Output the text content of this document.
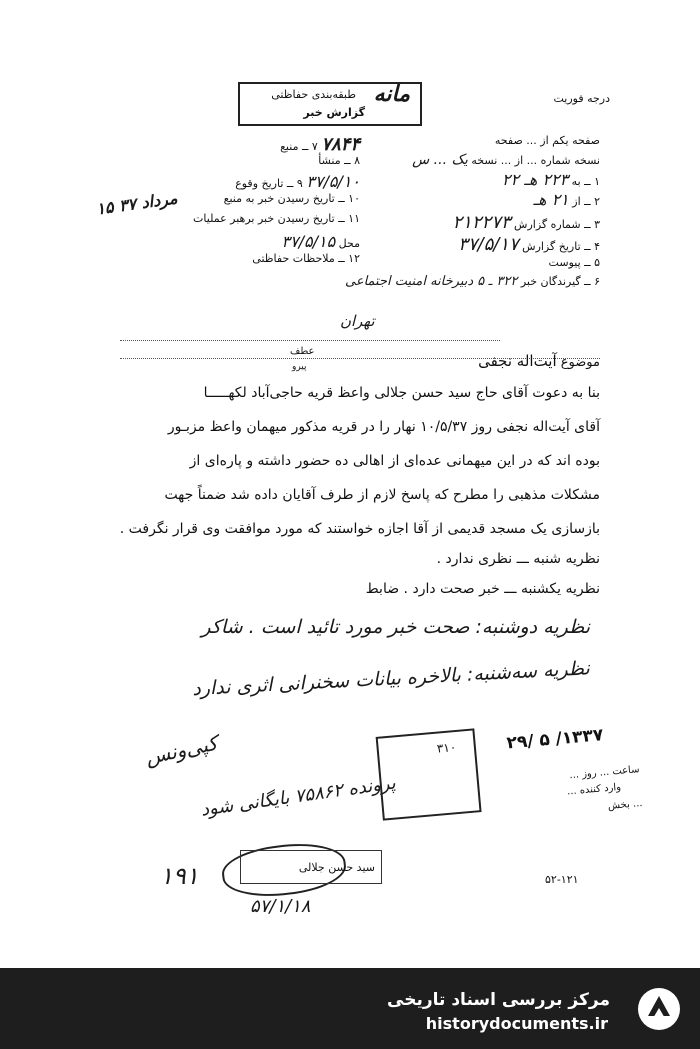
درجه فوریت
طبقه‌بندی حفاظتی مانه
گزارش خبر
صفحه یکم از ... صفحه
نسخه شماره ... از ... نسخه یک ... س
۱ ــ به ۲۲۳ هـ ۲۲
۲ ــ از ۲۱ هـ
۳ ــ شماره گزارش ۲۱۲۲۷۳
۴ ــ تاریخ گزارش ۳۷/۵/۱۷
۵ ــ پیوست
۶ ــ گیرندگان خبر ۳۲۲ ـ ۵ دبیرخانه امنیت اجتماعی
تهران
۷۸۴۴ ۷ ــ منبع
۸ ــ منشأ
۳۷/۵/۱۰ ۹ ــ تاریخ وقوع
۱۰ ــ تاریخ رسیدن خبر به منبع
۱۱ ــ تاریخ رسیدن خبر برهبر عملیات
محل ۳۷/۵/۱۵
۱۲ ــ ملاحظات حفاظتی
۱۵ مرداد ۳۷
عطف
پیرو	موضوع آیت‌اله نجفی
بنا به دعوت آقای حاج سید حسن جلالی واعظ قریه حاجی‌آباد لکهـــــا
آقای آیت‌اله نجفی روز ۱۰/۵/۳۷ نهار را در قریه مذکور میهمان واعظ مزبـور
بوده اند که در این میهمانی عده‌ای از اهالی ده حضور داشته و پاره‌ای از
مشکلات مذهبی را مطرح که پاسخ لازم از طرف آقایان داده شد ضمناً جهت
بازسازی یک مسجد قدیمی از آقا اجازه خواستند که مورد موافقت وی قرار نگرفت .
نظریه شنبه ـــ نظری ندارد .
نظریه یکشنبه ـــ خبر صحت دارد . ضابط
نظریه دوشنبه: صحت خبر مورد تائید است . شاکر
نظریه سه‌شنبه: بالاخره بیانات سخنرانی اثری ندارد
کپی‌ونس
پرونده ۷۵۸۶۲ بایگانی شود
۲۹/ ۵ /۱۳۳۷
۳۱۰
ساعت ... روز ...
وارد کننده ...
... بخش
۱۹۱	سید حسن جلالی
۵۷/۱/۱۸
۵۲-۱۲۱
مرکز بررسی اسناد تاریخی
historydocuments.ir
